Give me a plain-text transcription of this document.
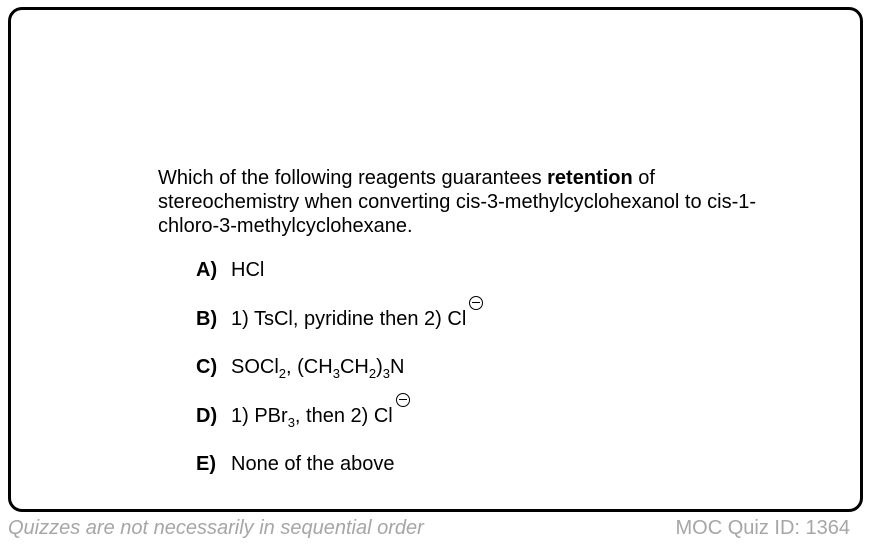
Which of the following reagents guarantees retention of stereochemistry when converting cis-3-methylcyclohexanol to cis-1-chloro-3-methylcyclohexane.

A) HCl
B) 1) TsCl, pyridine then 2) Cl
C) SOCl$_2$, $(CH_3CH_2)_3N$
D) 1) PBr$_3$, then 2) Cl
E) None of the above
Quizzes are not necessarily in sequential order	MOC Quiz ID: 1364
